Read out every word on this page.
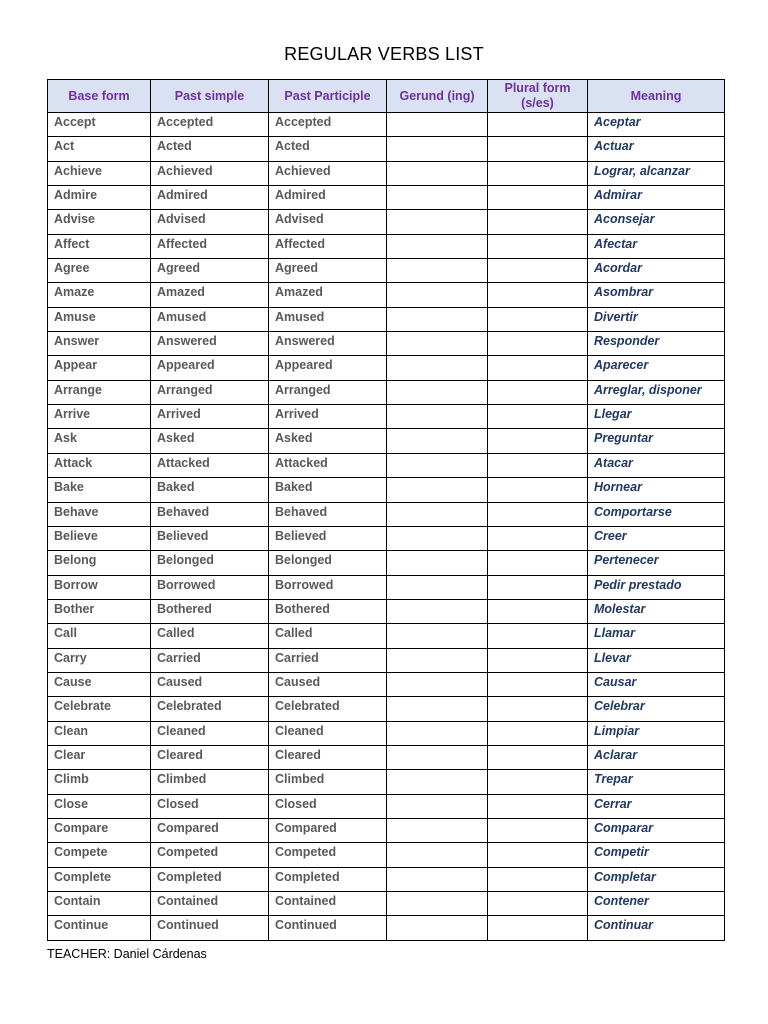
REGULAR VERBS LIST
Base form	Past simple	Past Participle	Gerund (ing)	Plural form (s/es)	Meaning
Accept	Accepted	Accepted			Aceptar
Act	Acted	Acted			Actuar
Achieve	Achieved	Achieved			Lograr, alcanzar
Admire	Admired	Admired			Admirar
Advise	Advised	Advised			Aconsejar
Affect	Affected	Affected			Afectar
Agree	Agreed	Agreed			Acordar
Amaze	Amazed	Amazed			Asombrar
Amuse	Amused	Amused			Divertir
Answer	Answered	Answered			Responder
Appear	Appeared	Appeared			Aparecer
Arrange	Arranged	Arranged			Arreglar, disponer
Arrive	Arrived	Arrived			Llegar
Ask	Asked	Asked			Preguntar
Attack	Attacked	Attacked			Atacar
Bake	Baked	Baked			Hornear
Behave	Behaved	Behaved			Comportarse
Believe	Believed	Believed			Creer
Belong	Belonged	Belonged			Pertenecer
Borrow	Borrowed	Borrowed			Pedir prestado
Bother	Bothered	Bothered			Molestar
Call	Called	Called			Llamar
Carry	Carried	Carried			Llevar
Cause	Caused	Caused			Causar
Celebrate	Celebrated	Celebrated			Celebrar
Clean	Cleaned	Cleaned			Limpiar
Clear	Cleared	Cleared			Aclarar
Climb	Climbed	Climbed			Trepar
Close	Closed	Closed			Cerrar
Compare	Compared	Compared			Comparar
Compete	Competed	Competed			Competir
Complete	Completed	Completed			Completar
Contain	Contained	Contained			Contener
Continue	Continued	Continued			Continuar
TEACHER: Daniel Cárdenas
